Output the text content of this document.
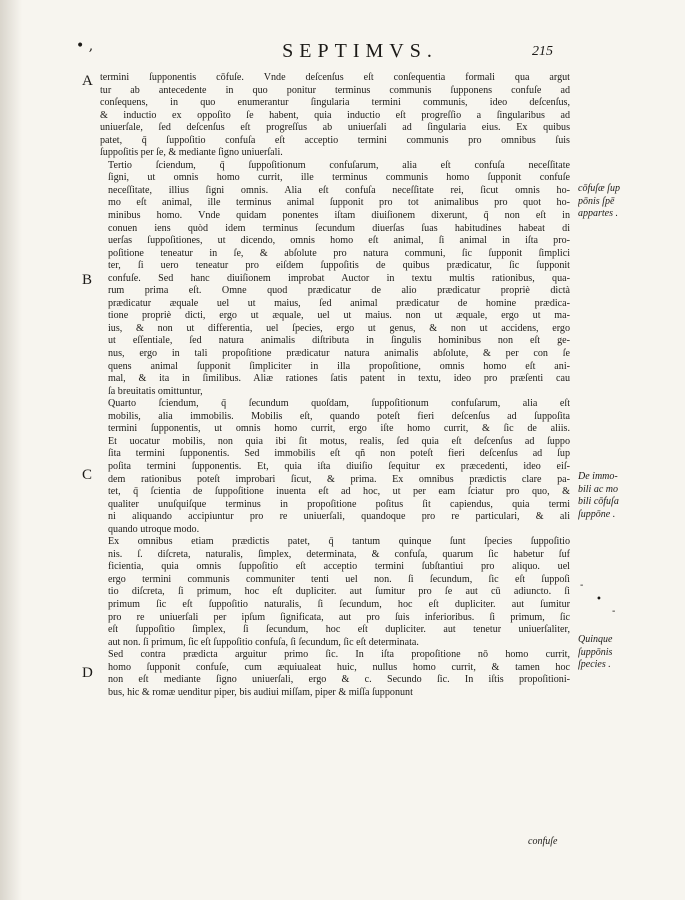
• ,	SEPTIMVS.	215
A
B
C
D

termini ſupponentis cōfuſe. Vnde deſcenſus eſt conſequentia formali qua argut
tur ab antecedente in quo ponitur terminus communis ſupponens confuſe ad
conſequens, in quo enumerantur ſingularia termini communis, ideo deſcenſus,
& inductio ex oppoſito ſe habent, quia inductio eſt progreſſio a ſingularibus ad
uniuerſale, ſed deſcenſus eſt progreſſus ab uniuerſali ad ſingularia eius. Ex quibus
patet, q̄ ſuppoſitio confuſa eſt acceptio termini communis pro omnibus ſuis
ſuppoſitis per ſe, & mediante ſigno uniuerſali.

Tertio ſciendum, q̄ ſuppoſitionum confuſarum, alia eſt confuſa neceſſitate
ſigni, ut omnis homo currit, ille terminus communis homo ſupponit confuſe
neceſſitate, illius ſigni omnis. Alia eſt confuſa neceſſitate rei, ſicut omnis ho-
mo eſt animal, ille terminus animal ſupponit pro tot animalibus pro quot ho-
minibus homo. Vnde quidam ponentes iſtam diuiſionem dixerunt, q̄ non eſt in
conuen iens quòd idem terminus ſecundum diuerſas ſuas habitudines habeat di
uerſas ſuppoſitiones, ut dicendo, omnis homo eſt animal, ſi animal in iſta pro-
poſitione teneatur in ſe, & abſolute pro natura communi, ſic ſupponit ſimplici
ter, ſi uero teneatur pro eiſdem ſuppoſitis de quibus prædicatur, ſic ſupponit
confuſe. Sed hanc diuiſionem improbat Auctor in textu multis rationibus, qua-
rum prima eſt. Omne quod prædicatur de alio prædicatur propriè dictà
prædicatur æquale uel ut maius, ſed animal prædicatur de homine prædica-
tione propriè dicti, ergo ut æquale, uel ut maius. non ut æquale, ergo ut ma-
ius, & non ut differentia, uel ſpecies, ergo ut genus, & non ut accidens, ergo
ut eſſentiale, ſed natura animalis diſtributa in ſingulis hominibus non eſt ge-
nus, ergo in tali propoſitione prædicatur natura animalis abſolute, & per con ſe
quens animal ſupponit ſimpliciter in illa propoſitione, omnis homo eſt ani-
mal, & ita in ſimilibus. Aliæ rationes ſatis patent in textu, ideo pro præſenti cau
ſa breuitatis omittuntur,

Quarto ſciendum, q̄ ſecundum quoſdam, ſuppoſitionum confuſarum, alia eſt
mobilis, alia immobilis. Mobilis eſt, quando poteſt fieri deſcenſus ad ſuppoſita
termini ſupponentis, ut omnis homo currit, ergo iſte homo currit, & ſic de aliis.
Et uocatur mobilis, non quia ibi ſit motus, realis, ſed quia eſt deſcenſus ad ſuppo
ſita termini ſupponentis. Sed immobilis eſt qñ non poteſt fieri deſcenſus ad ſup
poſita termini ſupponentis. Et, quia iſta diuiſio ſequitur ex præcedenti, ideo eiſ-
dem rationibus poteſt improbari ſicut, & prima. Ex omnibus prædictis clare pa-
tet, q̄ ſcientia de ſuppoſitione inuenta eſt ad hoc, ut per eam ſciatur pro quo, &
qualiter unuſquiſque terminus in propoſitione poſitus ſit capiendus, quia termi
ni aliquando accipiuntur pro re uniuerſali, quandoque pro re particulari, & ali
quando utroque modo.

Ex omnibus etiam prædictis patet, q̄ tantum quinque ſunt ſpecies ſuppoſitio
nis. ſ. diſcreta, naturalis, ſimplex, determinata, & confuſa, quarum ſic habetur ſuf
ficientia, quia omnis ſuppoſitio eſt acceptio termini ſubſtantiui pro aliquo. uel
ergo termini communis communiter tenti uel non. ſi ſecundum, ſic eſt ſuppoſi
tio diſcreta, ſi primum, hoc eſt dupliciter. aut ſumitur pro ſe aut cū adiuncto. ſi
primum ſic eſt ſuppoſitio naturalis, ſi ſecundum, hoc eſt dupliciter. aut ſumitur
pro re uniuerſali per ipſum ſignificata, aut pro ſuis inferioribus. ſi primum, ſic
eſt ſuppoſitio ſimplex, ſi ſecundum, hoc eſt dupliciter. aut tenetur uniuerſaliter,
aut non. ſi primum, ſic eſt ſuppoſitio confuſa, ſi ſecundum, ſic eſt determinata.

Sed contra prædicta arguitur primo ſic. In iſta propoſitione nō homo currit,
homo ſupponit confuſe, cum æquiualeat huic, nullus homo currit, & tamen hoc
non eſt mediante ſigno uniuerſali, ergo & c. Secundo ſic. In iſtis propoſitioni-
bus, hic & romæ uenditur piper, bis audiui miſſam, piper & miſſa ſupponunt

cōfuſæ ſup
pōnis ſpē
appartes .
De immo-
bili ac mo
bili cōfuſa
ſuppōne .
Quinque
ſuppōnis
ſpecies .
-
•
-
confuſe
